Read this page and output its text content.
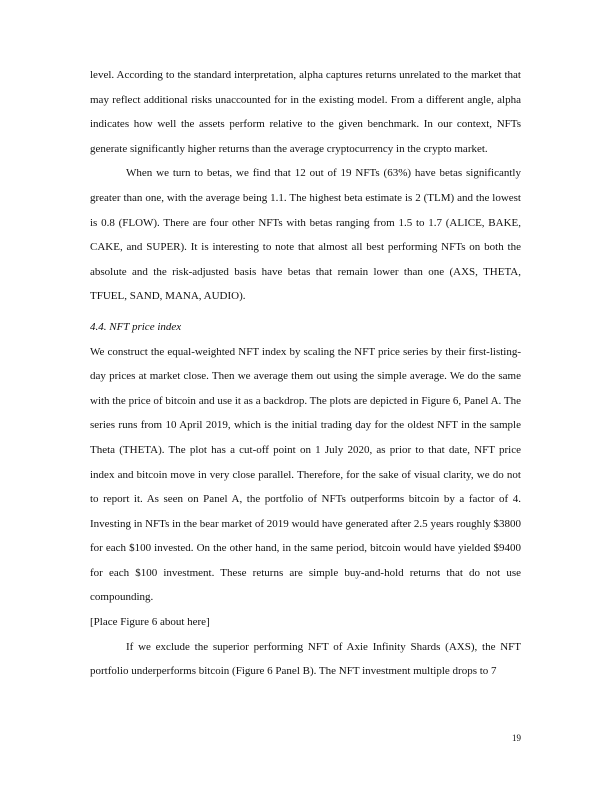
level. According to the standard interpretation, alpha captures returns unrelated to the market that may reflect additional risks unaccounted for in the existing model. From a different angle, alpha indicates how well the assets perform relative to the given benchmark. In our context, NFTs generate significantly higher returns than the average cryptocurrency in the crypto market.

When we turn to betas, we find that 12 out of 19 NFTs (63%) have betas significantly greater than one, with the average being 1.1. The highest beta estimate is 2 (TLM) and the lowest is 0.8 (FLOW). There are four other NFTs with betas ranging from 1.5 to 1.7 (ALICE, BAKE, CAKE, and SUPER). It is interesting to note that almost all best performing NFTs on both the absolute and the risk-adjusted basis have betas that remain lower than one (AXS, THETA, TFUEL, SAND, MANA, AUDIO).

4.4. NFT price index

We construct the equal-weighted NFT index by scaling the NFT price series by their first-listing-day prices at market close. Then we average them out using the simple average. We do the same with the price of bitcoin and use it as a backdrop. The plots are depicted in Figure 6, Panel A. The series runs from 10 April 2019, which is the initial trading day for the oldest NFT in the sample Theta (THETA). The plot has a cut-off point on 1 July 2020, as prior to that date, NFT price index and bitcoin move in very close parallel. Therefore, for the sake of visual clarity, we do not to report it. As seen on Panel A, the portfolio of NFTs outperforms bitcoin by a factor of 4. Investing in NFTs in the bear market of 2019 would have generated after 2.5 years roughly $3800 for each $100 invested. On the other hand, in the same period, bitcoin would have yielded $9400 for each $100 investment. These returns are simple buy-and-hold returns that do not use compounding.

[Place Figure 6 about here]

If we exclude the superior performing NFT of Axie Infinity Shards (AXS), the NFT portfolio underperforms bitcoin (Figure 6 Panel B). The NFT investment multiple drops to 7

19
